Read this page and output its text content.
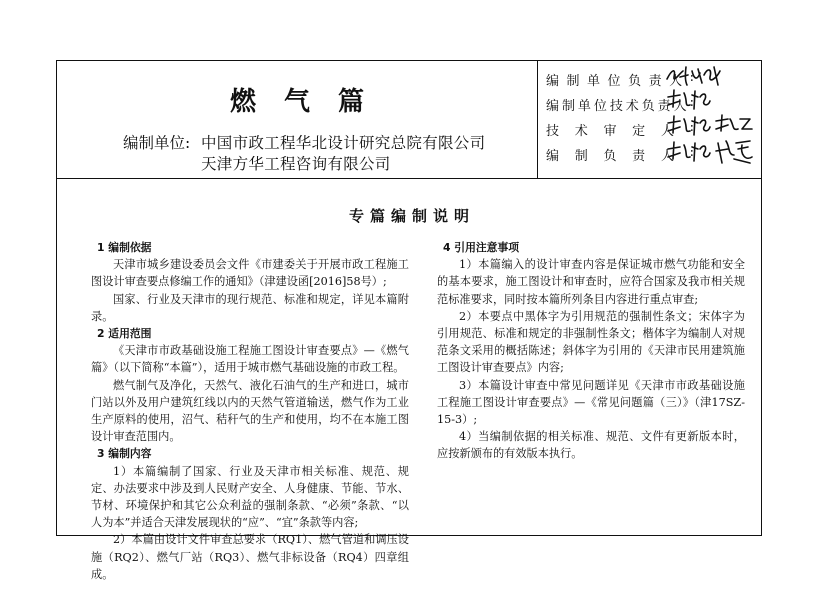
燃气篇
编制单位: 中国市政工程华北设计研究总院有限公司
天津方华工程咨询有限公司
编 制 单 位 负 责 人 :
编 制 单 位 技 术 负 责 人 :
技 术 审 定 人 :
编 制 负 责 人 :
专篇编制说明
1 编制依据
天津市城乡建设委员会文件《市建委关于开展市政工程施工图设计审查要点修编工作的通知》（津建设函[2016]58号）;
国家、行业及天津市的现行规范、标准和规定，详见本篇附录。
2 适用范围
《天津市市政基础设施工程施工图设计审查要点》—《燃气篇》（以下简称“本篇”），适用于城市燃气基础设施的市政工程。
燃气制气及净化，天然气、液化石油气的生产和进口，城市门站以外及用户建筑红线以内的天然气管道输送，燃气作为工业生产原料的使用，沼气、秸秆气的生产和使用，均不在本施工图设计审查范围内。
3 编制内容
1）本篇编制了国家、行业及天津市相关标准、规范、规定、办法要求中涉及到人民财产安全、人身健康、节能、节水、节材、环境保护和其它公众利益的强制条款、“必须”条款、“以人为本”并适合天津发展现状的“应”、“宜”条款等内容;
2）本篇由设计文件审查总要求（RQ1）、燃气管道和调压设施（RQ2）、燃气厂站（RQ3）、燃气非标设备（RQ4）四章组成。
4 引用注意事项
1）本篇编入的设计审查内容是保证城市燃气功能和安全的基本要求，施工图设计和审查时，应符合国家及我市相关规范标准要求，同时按本篇所列条目内容进行重点审查;
2）本要点中黑体字为引用规范的强制性条文；宋体字为引用规范、标准和规定的非强制性条文；楷体字为编制人对规范条文采用的概括陈述；斜体字为引用的《天津市民用建筑施工图设计审查要点》内容;
3）本篇设计审查中常见问题详见《天津市市政基础设施工程施工图设计审查要点》—《常见问题篇（三）》（津17SZ-15-3）;
4）当编制依据的相关标准、规范、文件有更新版本时，应按新颁布的有效版本执行。
